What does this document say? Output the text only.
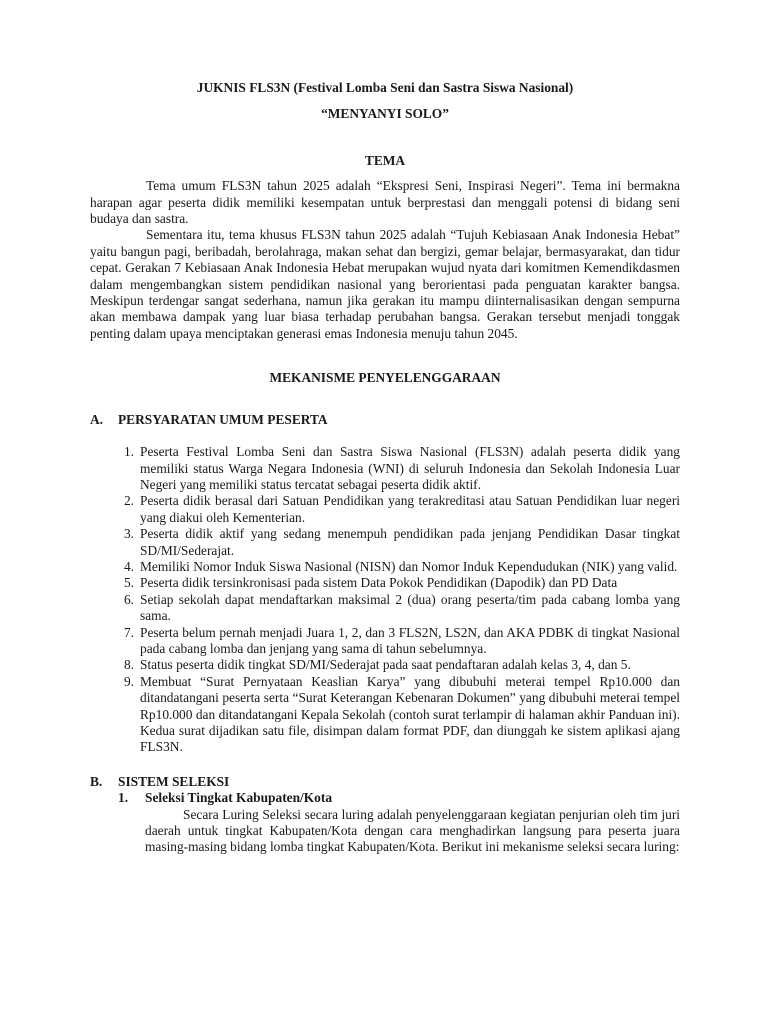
JUKNIS FLS3N (Festival Lomba Seni dan Sastra Siswa Nasional)
“MENYANYI SOLO”
TEMA

Tema umum FLS3N tahun 2025 adalah “Ekspresi Seni, Inspirasi Negeri”. Tema ini bermakna harapan agar peserta didik memiliki kesempatan untuk berprestasi dan menggali potensi di bidang seni budaya dan sastra.

Sementara itu, tema khusus FLS3N tahun 2025 adalah “Tujuh Kebiasaan Anak Indonesia Hebat” yaitu bangun pagi, beribadah, berolahraga, makan sehat dan bergizi, gemar belajar, bermasyarakat, dan tidur cepat. Gerakan 7 Kebiasaan Anak Indonesia Hebat merupakan wujud nyata dari komitmen Kemendikdasmen dalam mengembangkan sistem pendidikan nasional yang berorientasi pada penguatan karakter bangsa. Meskipun terdengar sangat sederhana, namun jika gerakan itu mampu diinternalisasikan dengan sempurna akan membawa dampak yang luar biasa terhadap perubahan bangsa. Gerakan tersebut menjadi tonggak penting dalam upaya menciptakan generasi emas Indonesia menuju tahun 2045.

MEKANISME PENYELENGGARAAN
A.	PERSYARATAN UMUM PESERTA
1. Peserta Festival Lomba Seni dan Sastra Siswa Nasional (FLS3N) adalah peserta didik yang memiliki status Warga Negara Indonesia (WNI) di seluruh Indonesia dan Sekolah Indonesia Luar Negeri yang memiliki status tercatat sebagai peserta didik aktif.
2. Peserta didik berasal dari Satuan Pendidikan yang terakreditasi atau Satuan Pendidikan luar negeri yang diakui oleh Kementerian.
3. Peserta didik aktif yang sedang menempuh pendidikan pada jenjang Pendidikan Dasar tingkat SD/MI/Sederajat.
4. Memiliki Nomor Induk Siswa Nasional (NISN) dan Nomor Induk Kependudukan (NIK) yang valid.
5. Peserta didik tersinkronisasi pada sistem Data Pokok Pendidikan (Dapodik) dan PD Data
6. Setiap sekolah dapat mendaftarkan maksimal 2 (dua) orang peserta/tim pada cabang lomba yang sama.
7. Peserta belum pernah menjadi Juara 1, 2, dan 3 FLS2N, LS2N, dan AKA PDBK di tingkat Nasional pada cabang lomba dan jenjang yang sama di tahun sebelumnya.
8. Status peserta didik tingkat SD/MI/Sederajat pada saat pendaftaran adalah kelas 3, 4, dan 5.
9. Membuat “Surat Pernyataan Keaslian Karya” yang dibubuhi meterai tempel Rp10.000 dan ditandatangani peserta serta “Surat Keterangan Kebenaran Dokumen” yang dibubuhi meterai tempel Rp10.000 dan ditandatangani Kepala Sekolah (contoh surat terlampir di halaman akhir Panduan ini). Kedua surat dijadikan satu file, disimpan dalam format PDF, dan diunggah ke sistem aplikasi ajang FLS3N.
B.	SISTEM SELEKSI
1.	Seleksi Tingkat Kabupaten/Kota

Secara Luring Seleksi secara luring adalah penyelenggaraan kegiatan penjurian oleh tim juri daerah untuk tingkat Kabupaten/Kota dengan cara menghadirkan langsung para peserta juara masing-masing bidang lomba tingkat Kabupaten/Kota. Berikut ini mekanisme seleksi secara luring:
